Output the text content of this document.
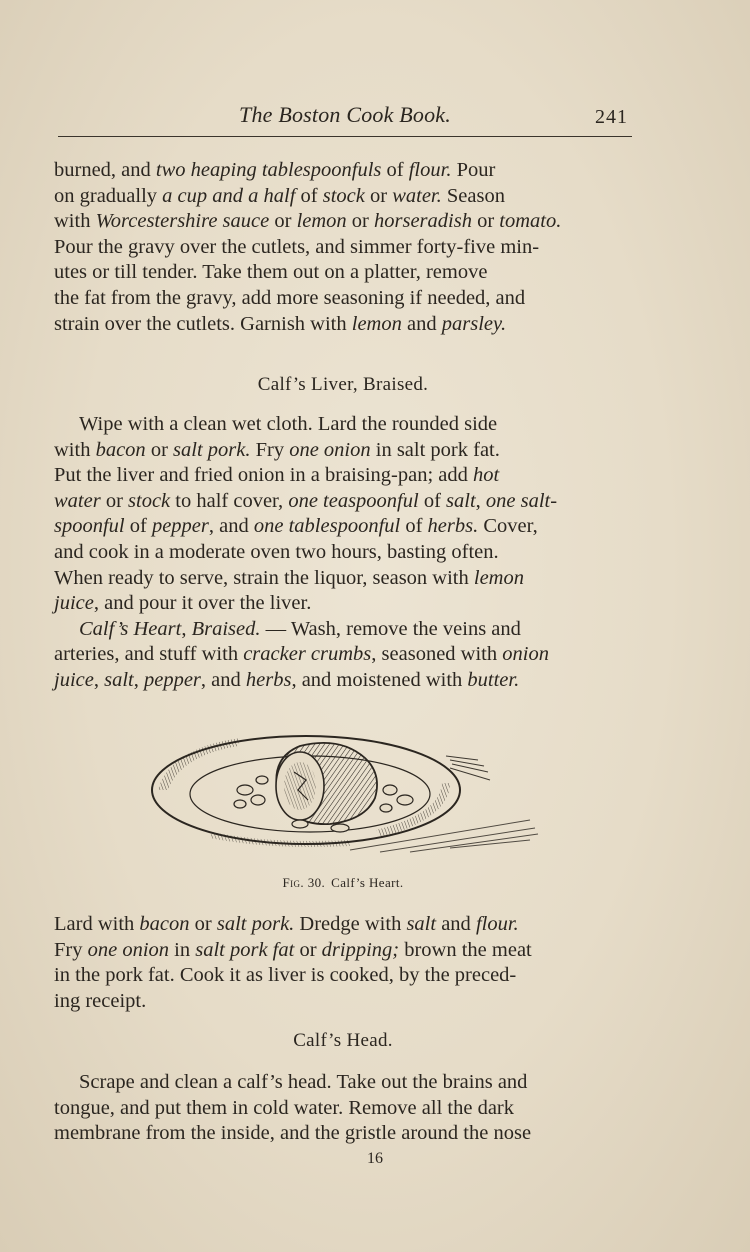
The Boston Cook Book.	241

burned, and two heaping tablespoonfuls of flour. Pour

on gradually a cup and a half of stock or water. Season

with Worcestershire sauce or lemon or horseradish or tomato.

Pour the gravy over the cutlets, and simmer forty-five min-

utes or till tender. Take them out on a platter, remove

the fat from the gravy, add more seasoning if needed, and

strain over the cutlets. Garnish with lemon and parsley.

Calf’s Liver, Braised.

Wipe with a clean wet cloth. Lard the rounded side

with bacon or salt pork. Fry one onion in salt pork fat.

Put the liver and fried onion in a braising-pan; add hot

water or stock to half cover, one teaspoonful of salt, one salt-

spoonful of pepper, and one tablespoonful of herbs. Cover,

and cook in a moderate oven two hours, basting often.

When ready to serve, strain the liquor, season with lemon

juice, and pour it over the liver.

Calf’s Heart, Braised. — Wash, remove the veins and

arteries, and stuff with cracker crumbs, seasoned with onion

juice, salt, pepper, and herbs, and moistened with butter.

Fig. 30. Calf’s Heart.

Lard with bacon or salt pork. Dredge with salt and flour.

Fry one onion in salt pork fat or dripping; brown the meat

in the pork fat. Cook it as liver is cooked, by the preced-

ing receipt.

Calf’s Head.

Scrape and clean a calf’s head. Take out the brains and

tongue, and put them in cold water. Remove all the dark

membrane from the inside, and the gristle around the nose

16
